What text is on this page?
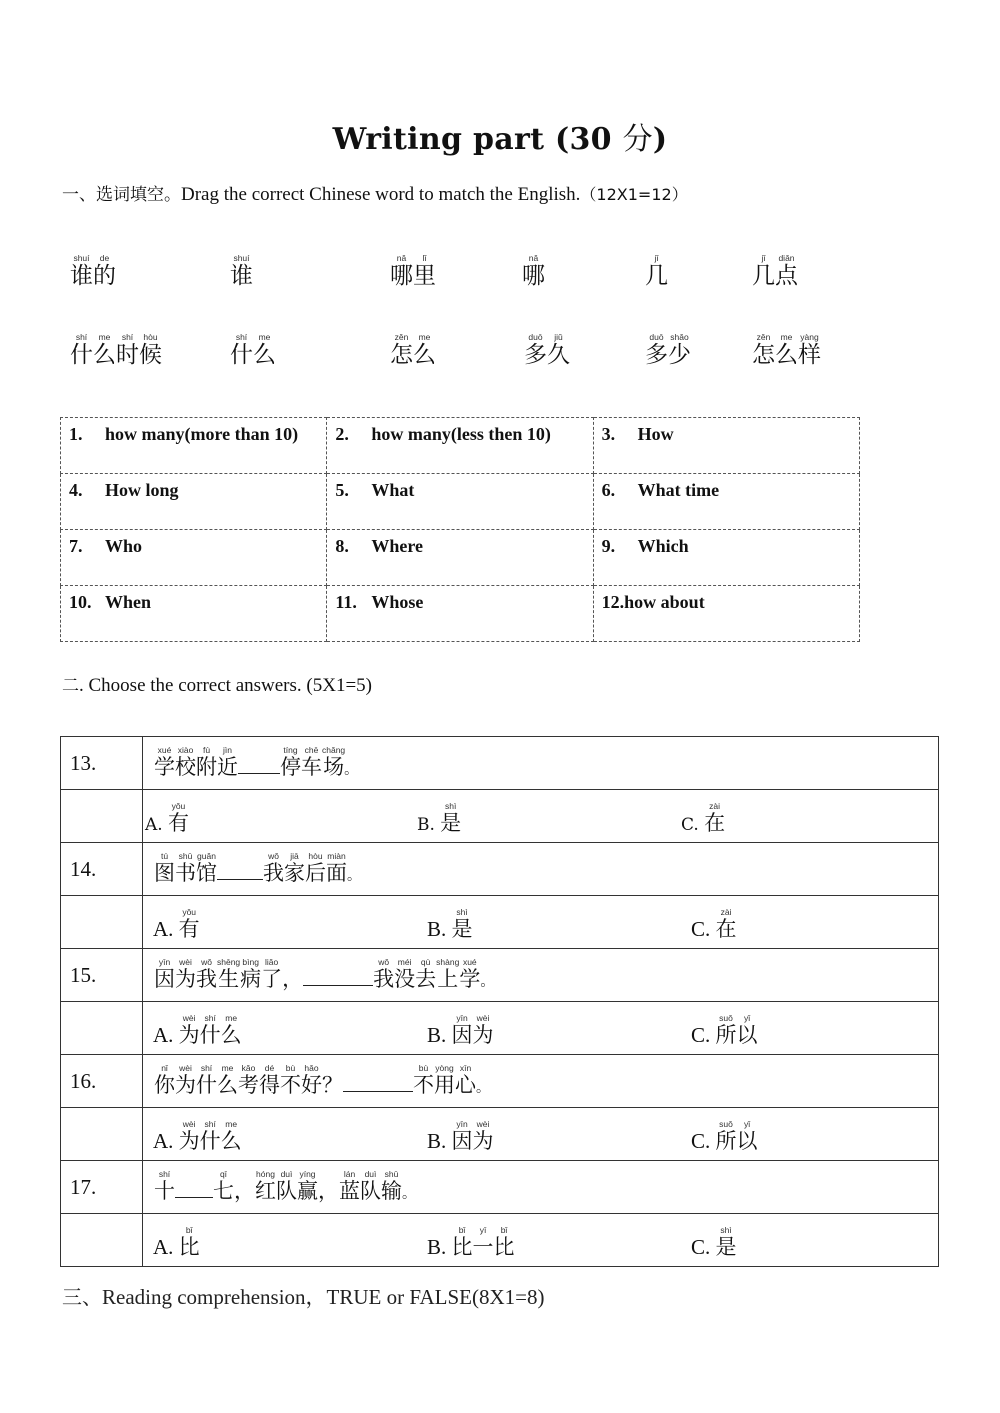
Writing part (30 分)
一、选词填空。Drag the correct Chinese word to match the English.（12X1=12）
谁shuí的de
谁shuí
哪nǎ里lǐ
哪nǎ
几jǐ
几jǐ点diǎn
什shí么me时shí候hòu
什shí么me
怎zěn么me
多duō久jiǔ
多duō少shǎo
怎zěn么me样yàng
1. how many(more than 10)	2. how many(less then 10)	3. How
4. How long	5. What	6. What time
7. Who	8. Where	9. Which
10. When	11. Whose	12.how about
二. Choose the correct answers. (5X1=5)
13.	学xué校xiào附fù近jìn停tíng车chē场chǎng。

	A. 有yǒu
B. 是shì
C. 在zài

14.	图tú书shū馆guǎn我wǒ家jiā后hòu面miàn。

	A. 有yǒu
B. 是shì
C. 在zài

15.	因yīn为wèi我wǒ生shēng病bìng了liǎo， 我wǒ没méi去qù上shàng学xué。

	A. 为wèi什shí么me
B. 因yīn为wèi
C. 所suǒ以yǐ

16.	你nǐ为wèi什shí么me考kǎo得dé不bù好hǎo？ 不bù用yòng心xīn。

	A. 为wèi什shí么me
B. 因yīn为wèi
C. 所suǒ以yǐ

17.	十shí七qī，红hóng队duì赢yíng，蓝lán队duì输shū。

	A. 比bǐ
B. 比bǐ一yī比bǐ
C. 是shì
三、Reading comprehension，TRUE or FALSE(8X1=8)
